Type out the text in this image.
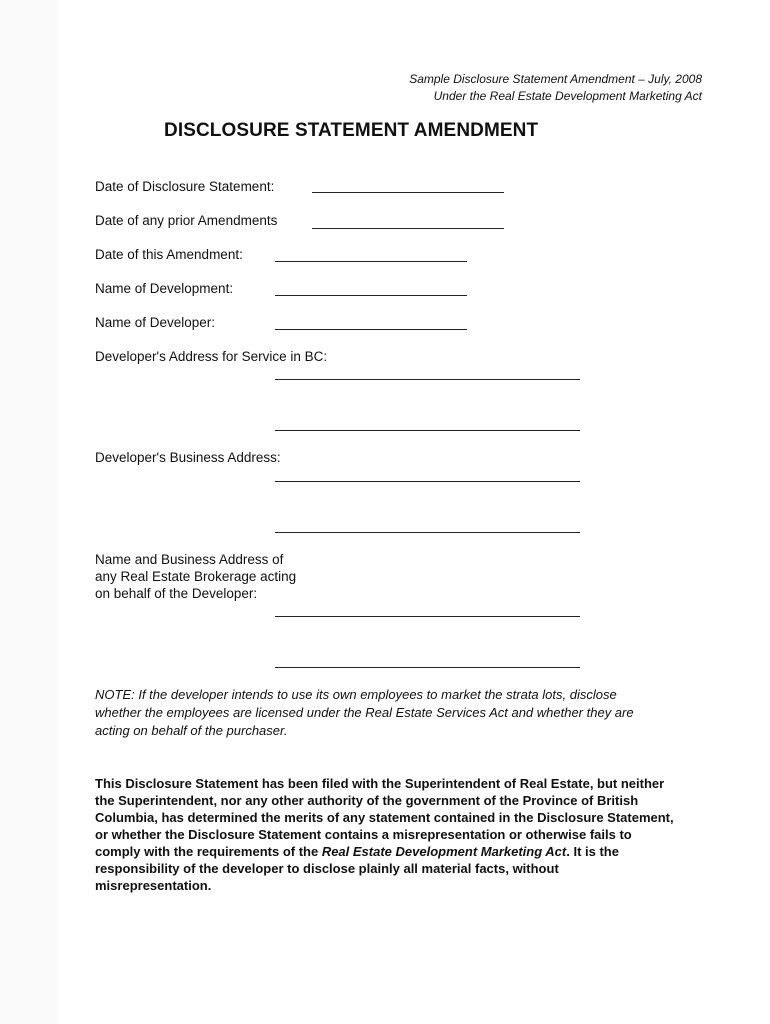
Sample Disclosure Statement Amendment – July, 2008
Under the Real Estate Development Marketing Act
DISCLOSURE STATEMENT AMENDMENT
Date of Disclosure Statement:
Date of any prior Amendments
Date of this Amendment:
Name of Development:
Name of Developer:
Developer's Address for Service in BC:
Developer's Business Address:
Name and Business Address of
any Real Estate Brokerage acting
on behalf of the Developer:
NOTE: If the developer intends to use its own employees to market the strata lots, disclose whether the employees are licensed under the Real Estate Services Act and whether they are acting on behalf of the purchaser.
This Disclosure Statement has been filed with the Superintendent of Real Estate, but neither the Superintendent, nor any other authority of the government of the Province of British Columbia, has determined the merits of any statement contained in the Disclosure Statement, or whether the Disclosure Statement contains a misrepresentation or otherwise fails to comply with the requirements of the Real Estate Development Marketing Act. It is the responsibility of the developer to disclose plainly all material facts, without misrepresentation.
